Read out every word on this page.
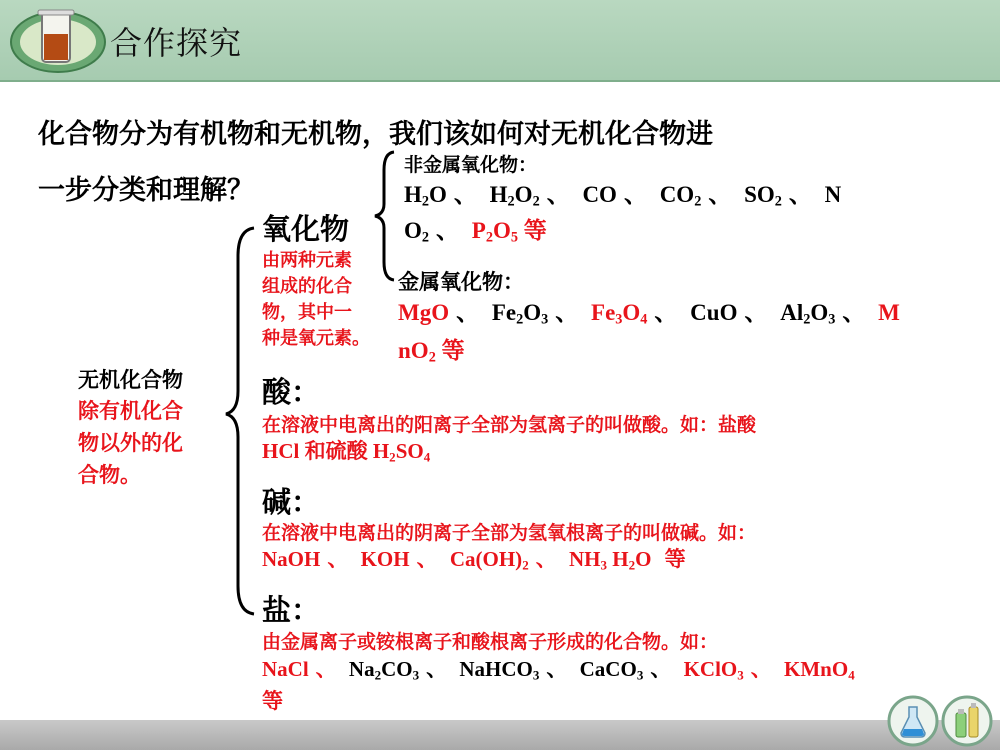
合作探究
化合物分为有机物和无机物，我们该如何对无机化合物进
一步分类和理解？
无机化合物
除有机化合
物以外的化
合物。
氧化物
由两种元素
组成的化合
物，其中一
种是氧元素。
非金属氧化物：
$H_2O$ 、 $H_2O_2$ 、 CO 、 $CO_2$ 、 $SO_2$ 、 N
$O_2$ 、 $P_2O_5$ 等
金属氧化物：
MgO 、 $Fe_2O_3$ 、 $Fe_3O_4$ 、 CuO 、 $Al_2O_3$ 、 M
$nO_2$ 等
酸：
在溶液中电离出的阳离子全部为氢离子的叫做酸。如：盐酸
HCl 和硫酸 $H_2SO_4$
碱：
在溶液中电离出的阴离子全部为氢氧根离子的叫做碱。如：
NaOH 、 KOH 、 $Ca(OH)_2$ 、 $NH_3$ $H_2O$ 等
盐：
由金属离子或铵根离子和酸根离子形成的化合物。如：
NaCl 、 $Na_2CO_3$ 、 NaHCO$_3$ 、 CaCO$_3$ 、 KClO$_3$ 、 KMnO$_4$
等
